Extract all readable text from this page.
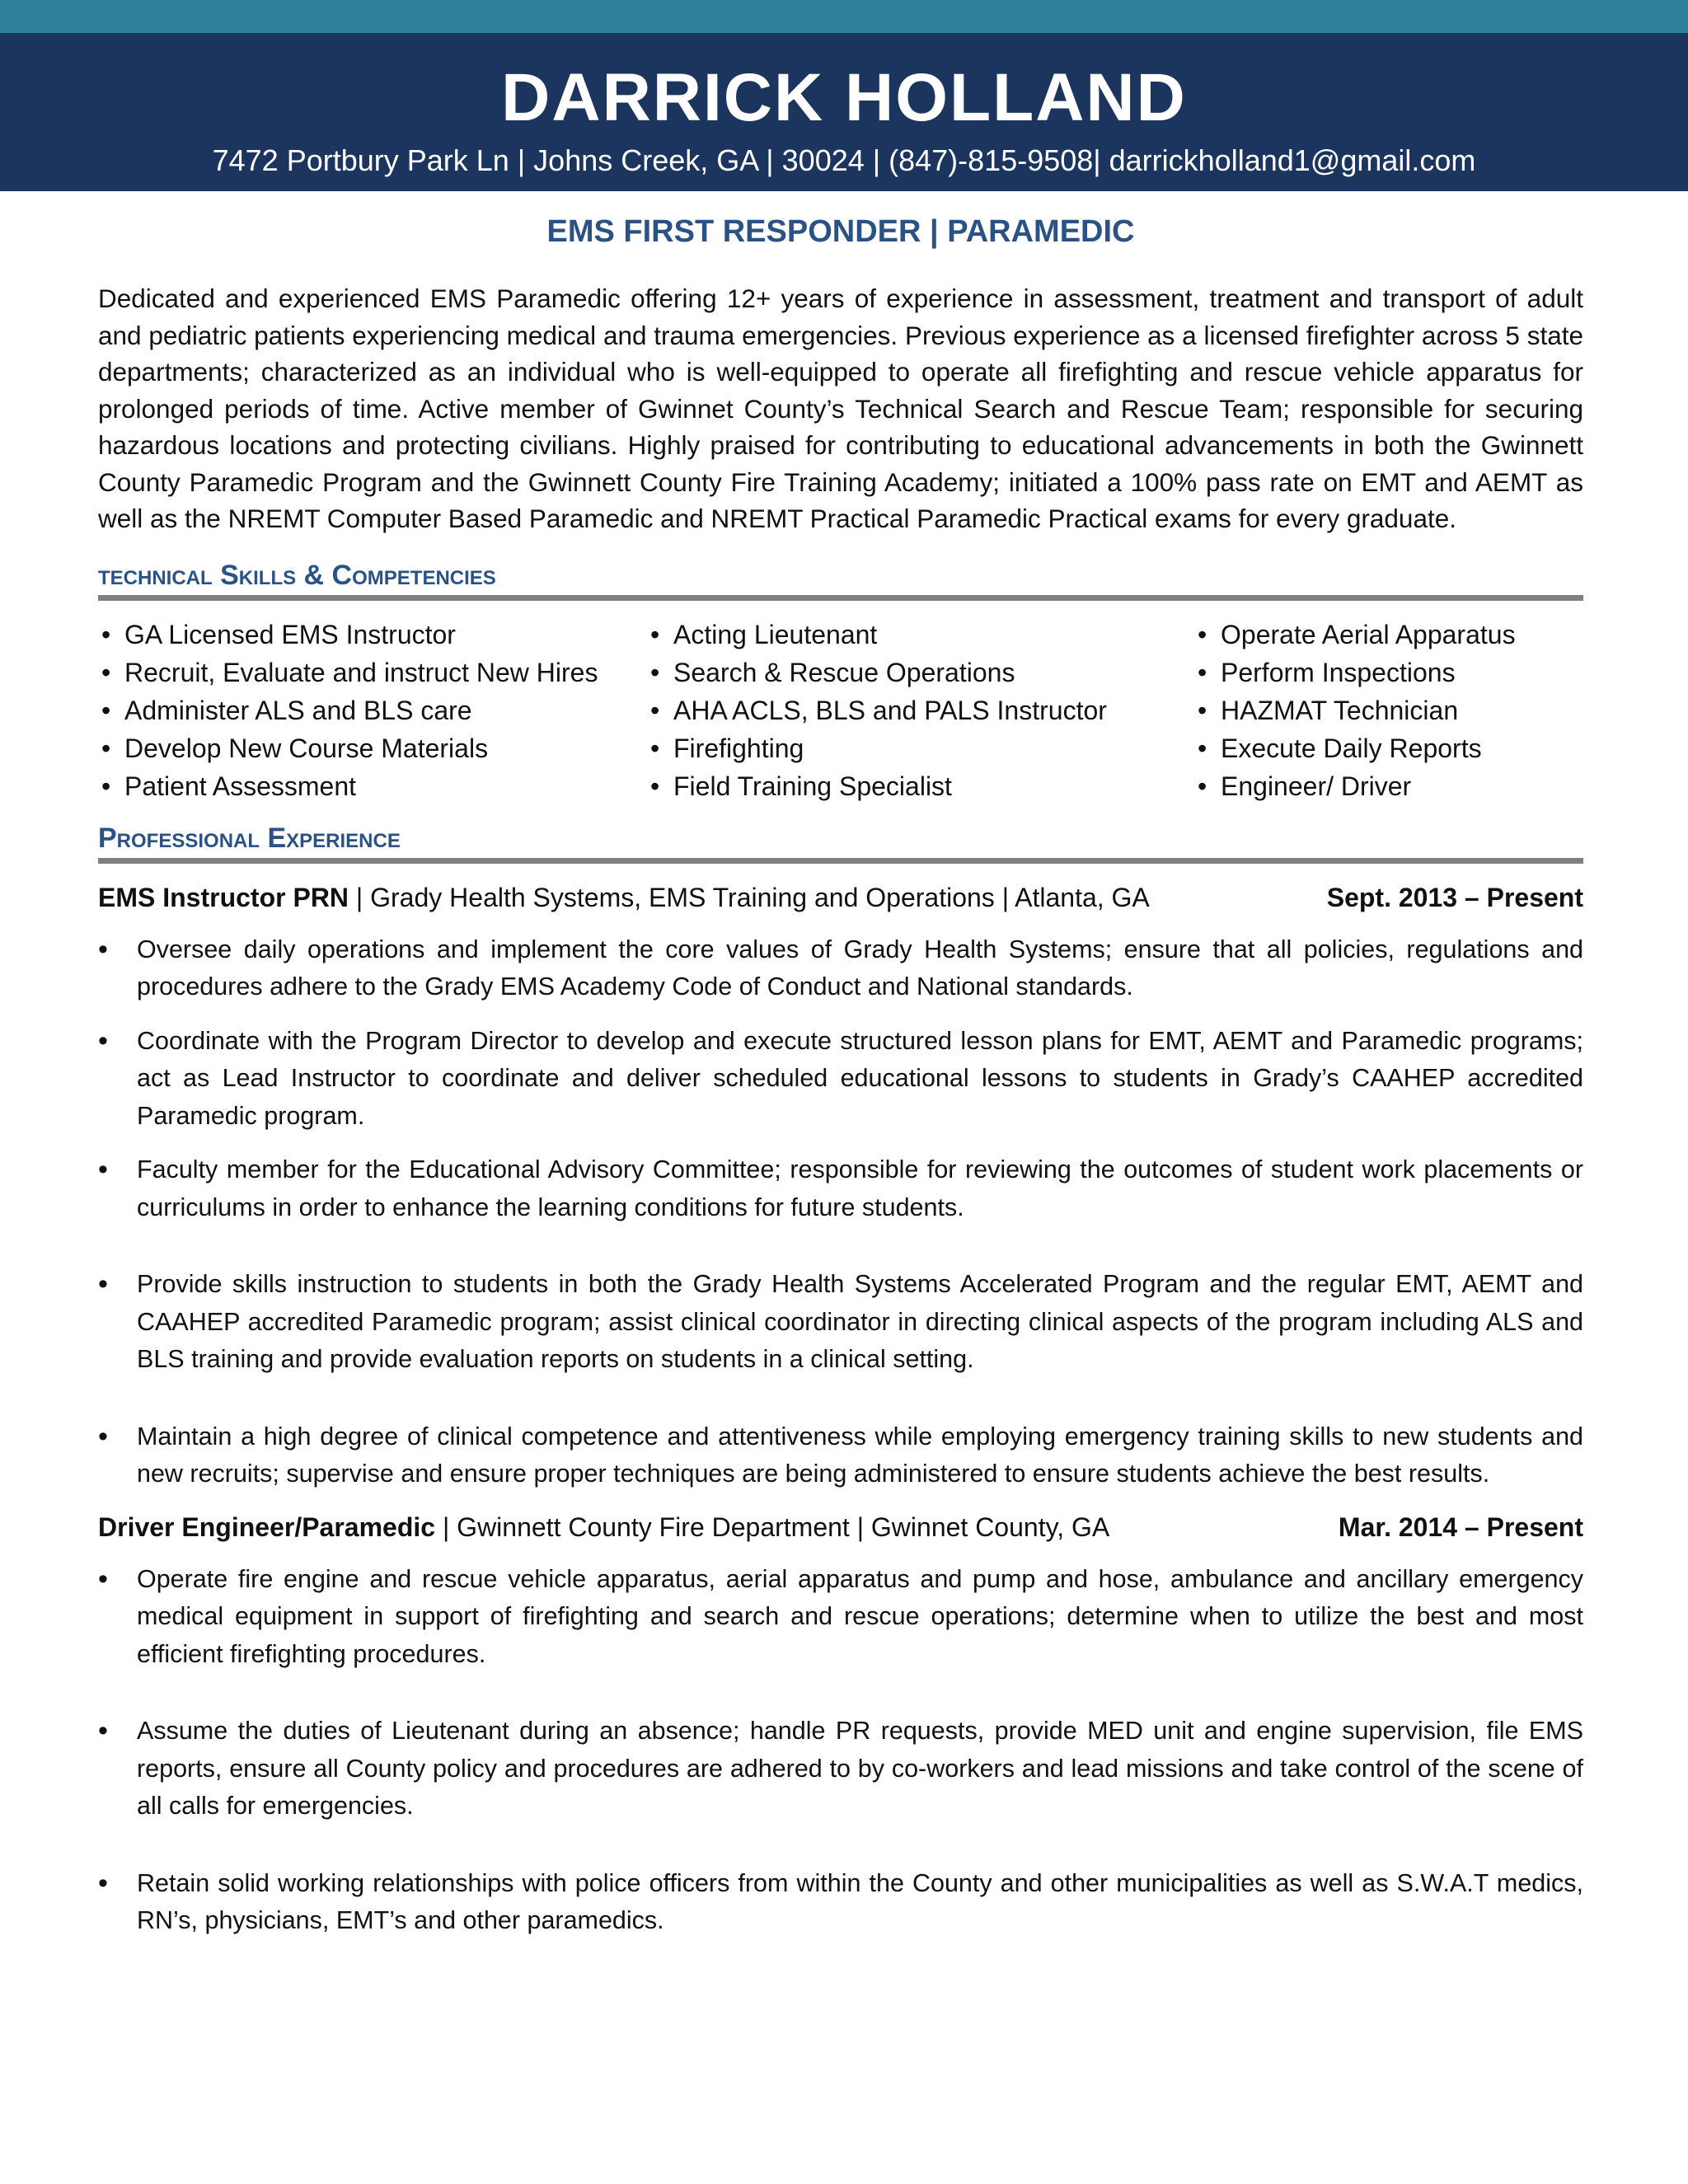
DARRICK HOLLAND
7472 Portbury Park Ln | Johns Creek, GA | 30024 | (847)-815-9508| darrickholland1@gmail.com
EMS FIRST RESPONDER | PARAMEDIC
Dedicated and experienced EMS Paramedic offering 12+ years of experience in assessment, treatment and transport of adult and pediatric patients experiencing medical and trauma emergencies. Previous experience as a licensed firefighter across 5 state departments; characterized as an individual who is well-equipped to operate all firefighting and rescue vehicle apparatus for prolonged periods of time. Active member of Gwinnet County’s Technical Search and Rescue Team; responsible for securing hazardous locations and protecting civilians. Highly praised for contributing to educational advancements in both the Gwinnett County Paramedic Program and the Gwinnett County Fire Training Academy; initiated a 100% pass rate on EMT and AEMT as well as the NREMT Computer Based Paramedic and NREMT Practical Paramedic Practical exams for every graduate.
technical Skills & Competencies
• GA Licensed EMS Instructor
• Recruit, Evaluate and instruct New Hires
• Administer ALS and BLS care
• Develop New Course Materials
• Patient Assessment
• Acting Lieutenant
• Search & Rescue Operations
• AHA ACLS, BLS and PALS Instructor
• Firefighting
• Field Training Specialist
• Operate Aerial Apparatus
• Perform Inspections
• HAZMAT Technician
• Execute Daily Reports
• Engineer/ Driver
Professional Experience
EMS Instructor PRN | Grady Health Systems, EMS Training and Operations | Atlanta, GA	Sept. 2013 – Present
• Oversee daily operations and implement the core values of Grady Health Systems; ensure that all policies, regulations and procedures adhere to the Grady EMS Academy Code of Conduct and National standards.
• Coordinate with the Program Director to develop and execute structured lesson plans for EMT, AEMT and Paramedic programs; act as Lead Instructor to coordinate and deliver scheduled educational lessons to students in Grady’s CAAHEP accredited Paramedic program.
• Faculty member for the Educational Advisory Committee; responsible for reviewing the outcomes of student work placements or curriculums in order to enhance the learning conditions for future students.
• Provide skills instruction to students in both the Grady Health Systems Accelerated Program and the regular EMT, AEMT and CAAHEP accredited Paramedic program; assist clinical coordinator in directing clinical aspects of the program including ALS and BLS training and provide evaluation reports on students in a clinical setting.
• Maintain a high degree of clinical competence and attentiveness while employing emergency training skills to new students and new recruits; supervise and ensure proper techniques are being administered to ensure students achieve the best results.
Driver Engineer/Paramedic | Gwinnett County Fire Department | Gwinnet County, GA	Mar. 2014 – Present
• Operate fire engine and rescue vehicle apparatus, aerial apparatus and pump and hose, ambulance and ancillary emergency medical equipment in support of firefighting and search and rescue operations; determine when to utilize the best and most efficient firefighting procedures.
• Assume the duties of Lieutenant during an absence; handle PR requests, provide MED unit and engine supervision, file EMS reports, ensure all County policy and procedures are adhered to by co-workers and lead missions and take control of the scene of all calls for emergencies.
• Retain solid working relationships with police officers from within the County and other municipalities as well as S.W.A.T medics, RN’s, physicians, EMT’s and other paramedics.
